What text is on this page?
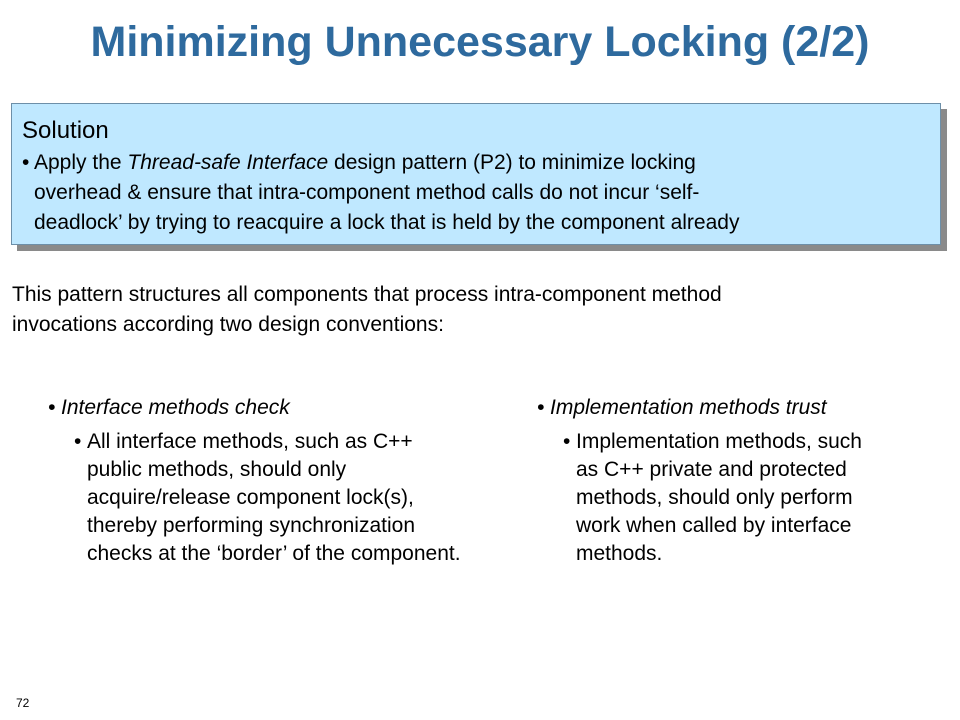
Minimizing Unnecessary Locking (2/2)
Solution
• Apply the Thread-safe Interface design pattern (P2) to minimize locking
overhead & ensure that intra-component method calls do not incur ‘self-
deadlock’ by trying to reacquire a lock that is held by the component already
This pattern structures all components that process intra-component method
invocations according two design conventions:
• Interface methods check
• All interface methods, such as C++ public methods, should only acquire/release component lock(s), thereby performing synchronization checks at the ‘border’ of the component.
• Implementation methods trust
• Implementation methods, such as C++ private and protected methods, should only perform work when called by interface methods.
72
